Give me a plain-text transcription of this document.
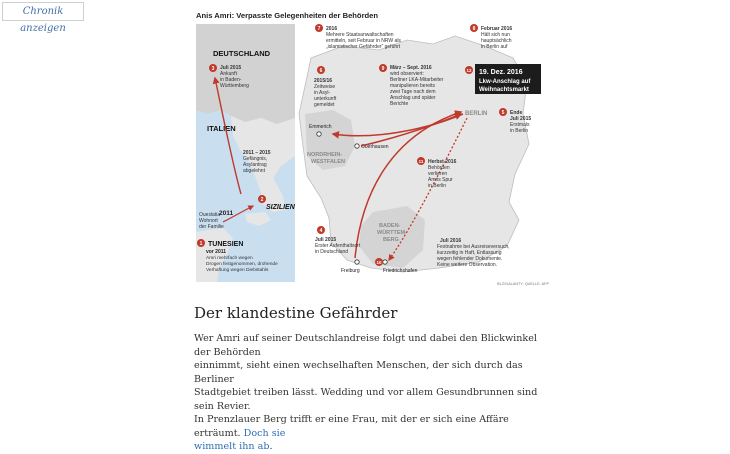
Chronik anzeigen
Anis Amri: Verpasste Gelegenheiten der Behörden
DEUTSCHLAND
ITALIEN
SIZILIEN
2011 – 2015
Gefängnis,
Asylantrag
abgelehnt
Oueslatia
Wohnort
der Familie
2011
1 TUNESIEN
vor 2011
Amri mehrfach wegen
Drogen festgenommen, drohende
Verhaftung wegen Diebstahls
2
3 Juli 2015
Ankunft
in Baden-
Württemberg
NORDRHEIN-
WESTFALEN
BADEN-
WÜRTTEM-
BERG
BERLIN
Emmerich
Oberhausen
Freiburg	Friedrichshafen
4
Juli 2015
Erster Aufenthaltsort
in Deutschland
5 Ende
Juli 2015
Erstmals
in Berlin
6
2015/16
Zeitweise
in Asyl-
unterkunft
gemeldet
7 2016
Mehrere Staatsanwaltschaften
ermitteln, seit Februar in NRW als
„islamistischer Gefährder“ geführt
8 Februar 2016
Hält sich nun
hauptsächlich
in Berlin auf
9 März – Sept. 2016
wird observiert:
Berliner LKA-Mitarbeiter
manipulieren bereits
zwei Tage nach dem
Anschlag und später
Berichte
10
Juli 2016
Festnahme bei Ausreiseversuch,
kurzzeitig in Haft, Entlassung
wegen fehlender Dokumente.
Keine weitere Observation.
11 Herbst 2016
Behörden
verlieren
Amris Spur
in Berlin
12 19. Dez. 2016
Lkw-Anschlag auf
Weihnachtsmarkt
BLZ/GALANTY; QUELLE: AFP
Der klandestine Gefährder

Wer Amri auf seiner Deutschlandreise folgt und dabei den Blickwinkel der Behörden
einnimmt, sieht einen wechselhaften Menschen, der sich durch das Berliner
Stadtgebiet treiben lässt. Wedding und vor allem Gesundbrunnen sind sein Revier.
In Prenzlauer Berg trifft er eine Frau, mit der er sich eine Affäre erträumt. Doch sie
wimmelt ihn ab.
